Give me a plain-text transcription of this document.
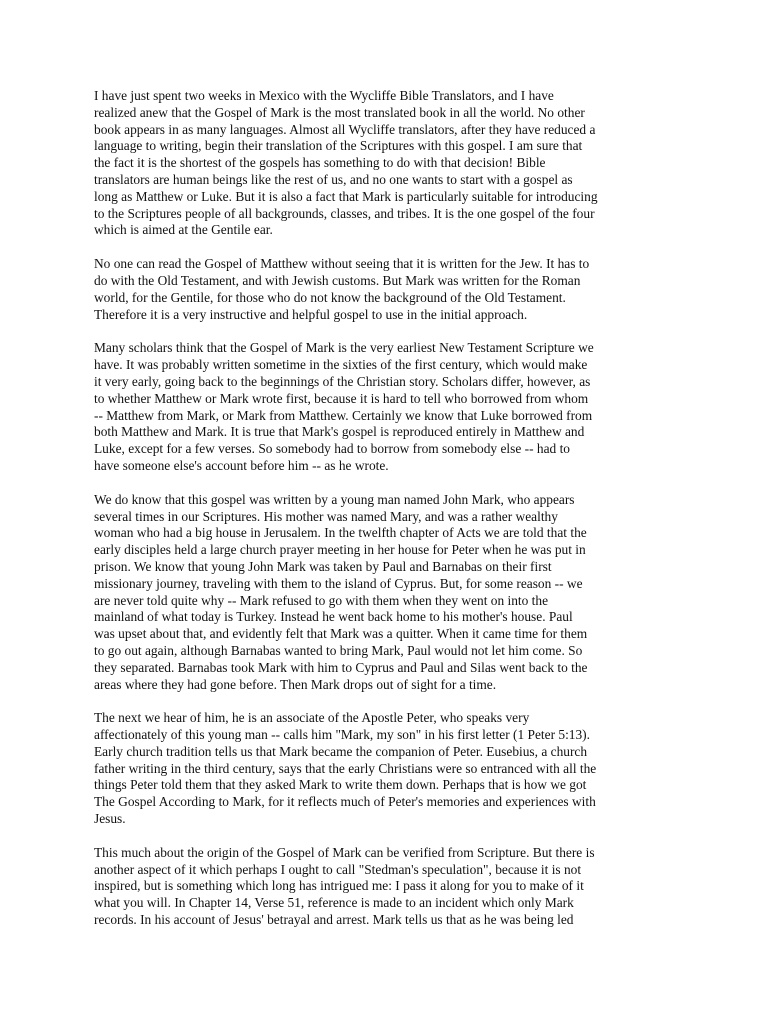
I have just spent two weeks in Mexico with the Wycliffe Bible Translators, and I have
realized anew that the Gospel of Mark is the most translated book in all the world. No other
book appears in as many languages. Almost all Wycliffe translators, after they have reduced a
language to writing, begin their translation of the Scriptures with this gospel. I am sure that
the fact it is the shortest of the gospels has something to do with that decision! Bible
translators are human beings like the rest of us, and no one wants to start with a gospel as
long as Matthew or Luke. But it is also a fact that Mark is particularly suitable for introducing
to the Scriptures people of all backgrounds, classes, and tribes. It is the one gospel of the four
which is aimed at the Gentile ear.

No one can read the Gospel of Matthew without seeing that it is written for the Jew. It has to
do with the Old Testament, and with Jewish customs. But Mark was written for the Roman
world, for the Gentile, for those who do not know the background of the Old Testament.
Therefore it is a very instructive and helpful gospel to use in the initial approach.

Many scholars think that the Gospel of Mark is the very earliest New Testament Scripture we
have. It was probably written sometime in the sixties of the first century, which would make
it very early, going back to the beginnings of the Christian story. Scholars differ, however, as
to whether Matthew or Mark wrote first, because it is hard to tell who borrowed from whom
-- Matthew from Mark, or Mark from Matthew. Certainly we know that Luke borrowed from
both Matthew and Mark. It is true that Mark's gospel is reproduced entirely in Matthew and
Luke, except for a few verses. So somebody had to borrow from somebody else -- had to
have someone else's account before him -- as he wrote.

We do know that this gospel was written by a young man named John Mark, who appears
several times in our Scriptures. His mother was named Mary, and was a rather wealthy
woman who had a big house in Jerusalem. In the twelfth chapter of Acts we are told that the
early disciples held a large church prayer meeting in her house for Peter when he was put in
prison. We know that young John Mark was taken by Paul and Barnabas on their first
missionary journey, traveling with them to the island of Cyprus. But, for some reason -- we
are never told quite why -- Mark refused to go with them when they went on into the
mainland of what today is Turkey. Instead he went back home to his mother's house. Paul
was upset about that, and evidently felt that Mark was a quitter. When it came time for them
to go out again, although Barnabas wanted to bring Mark, Paul would not let him come. So
they separated. Barnabas took Mark with him to Cyprus and Paul and Silas went back to the
areas where they had gone before. Then Mark drops out of sight for a time.

The next we hear of him, he is an associate of the Apostle Peter, who speaks very
affectionately of this young man -- calls him "Mark, my son" in his first letter (1 Peter 5:13).
Early church tradition tells us that Mark became the companion of Peter. Eusebius, a church
father writing in the third century, says that the early Christians were so entranced with all the
things Peter told them that they asked Mark to write them down. Perhaps that is how we got
The Gospel According to Mark, for it reflects much of Peter's memories and experiences with
Jesus.

This much about the origin of the Gospel of Mark can be verified from Scripture. But there is
another aspect of it which perhaps I ought to call "Stedman's speculation", because it is not
inspired, but is something which long has intrigued me: I pass it along for you to make of it
what you will. In Chapter 14, Verse 51, reference is made to an incident which only Mark
records. In his account of Jesus' betrayal and arrest. Mark tells us that as he was being led
